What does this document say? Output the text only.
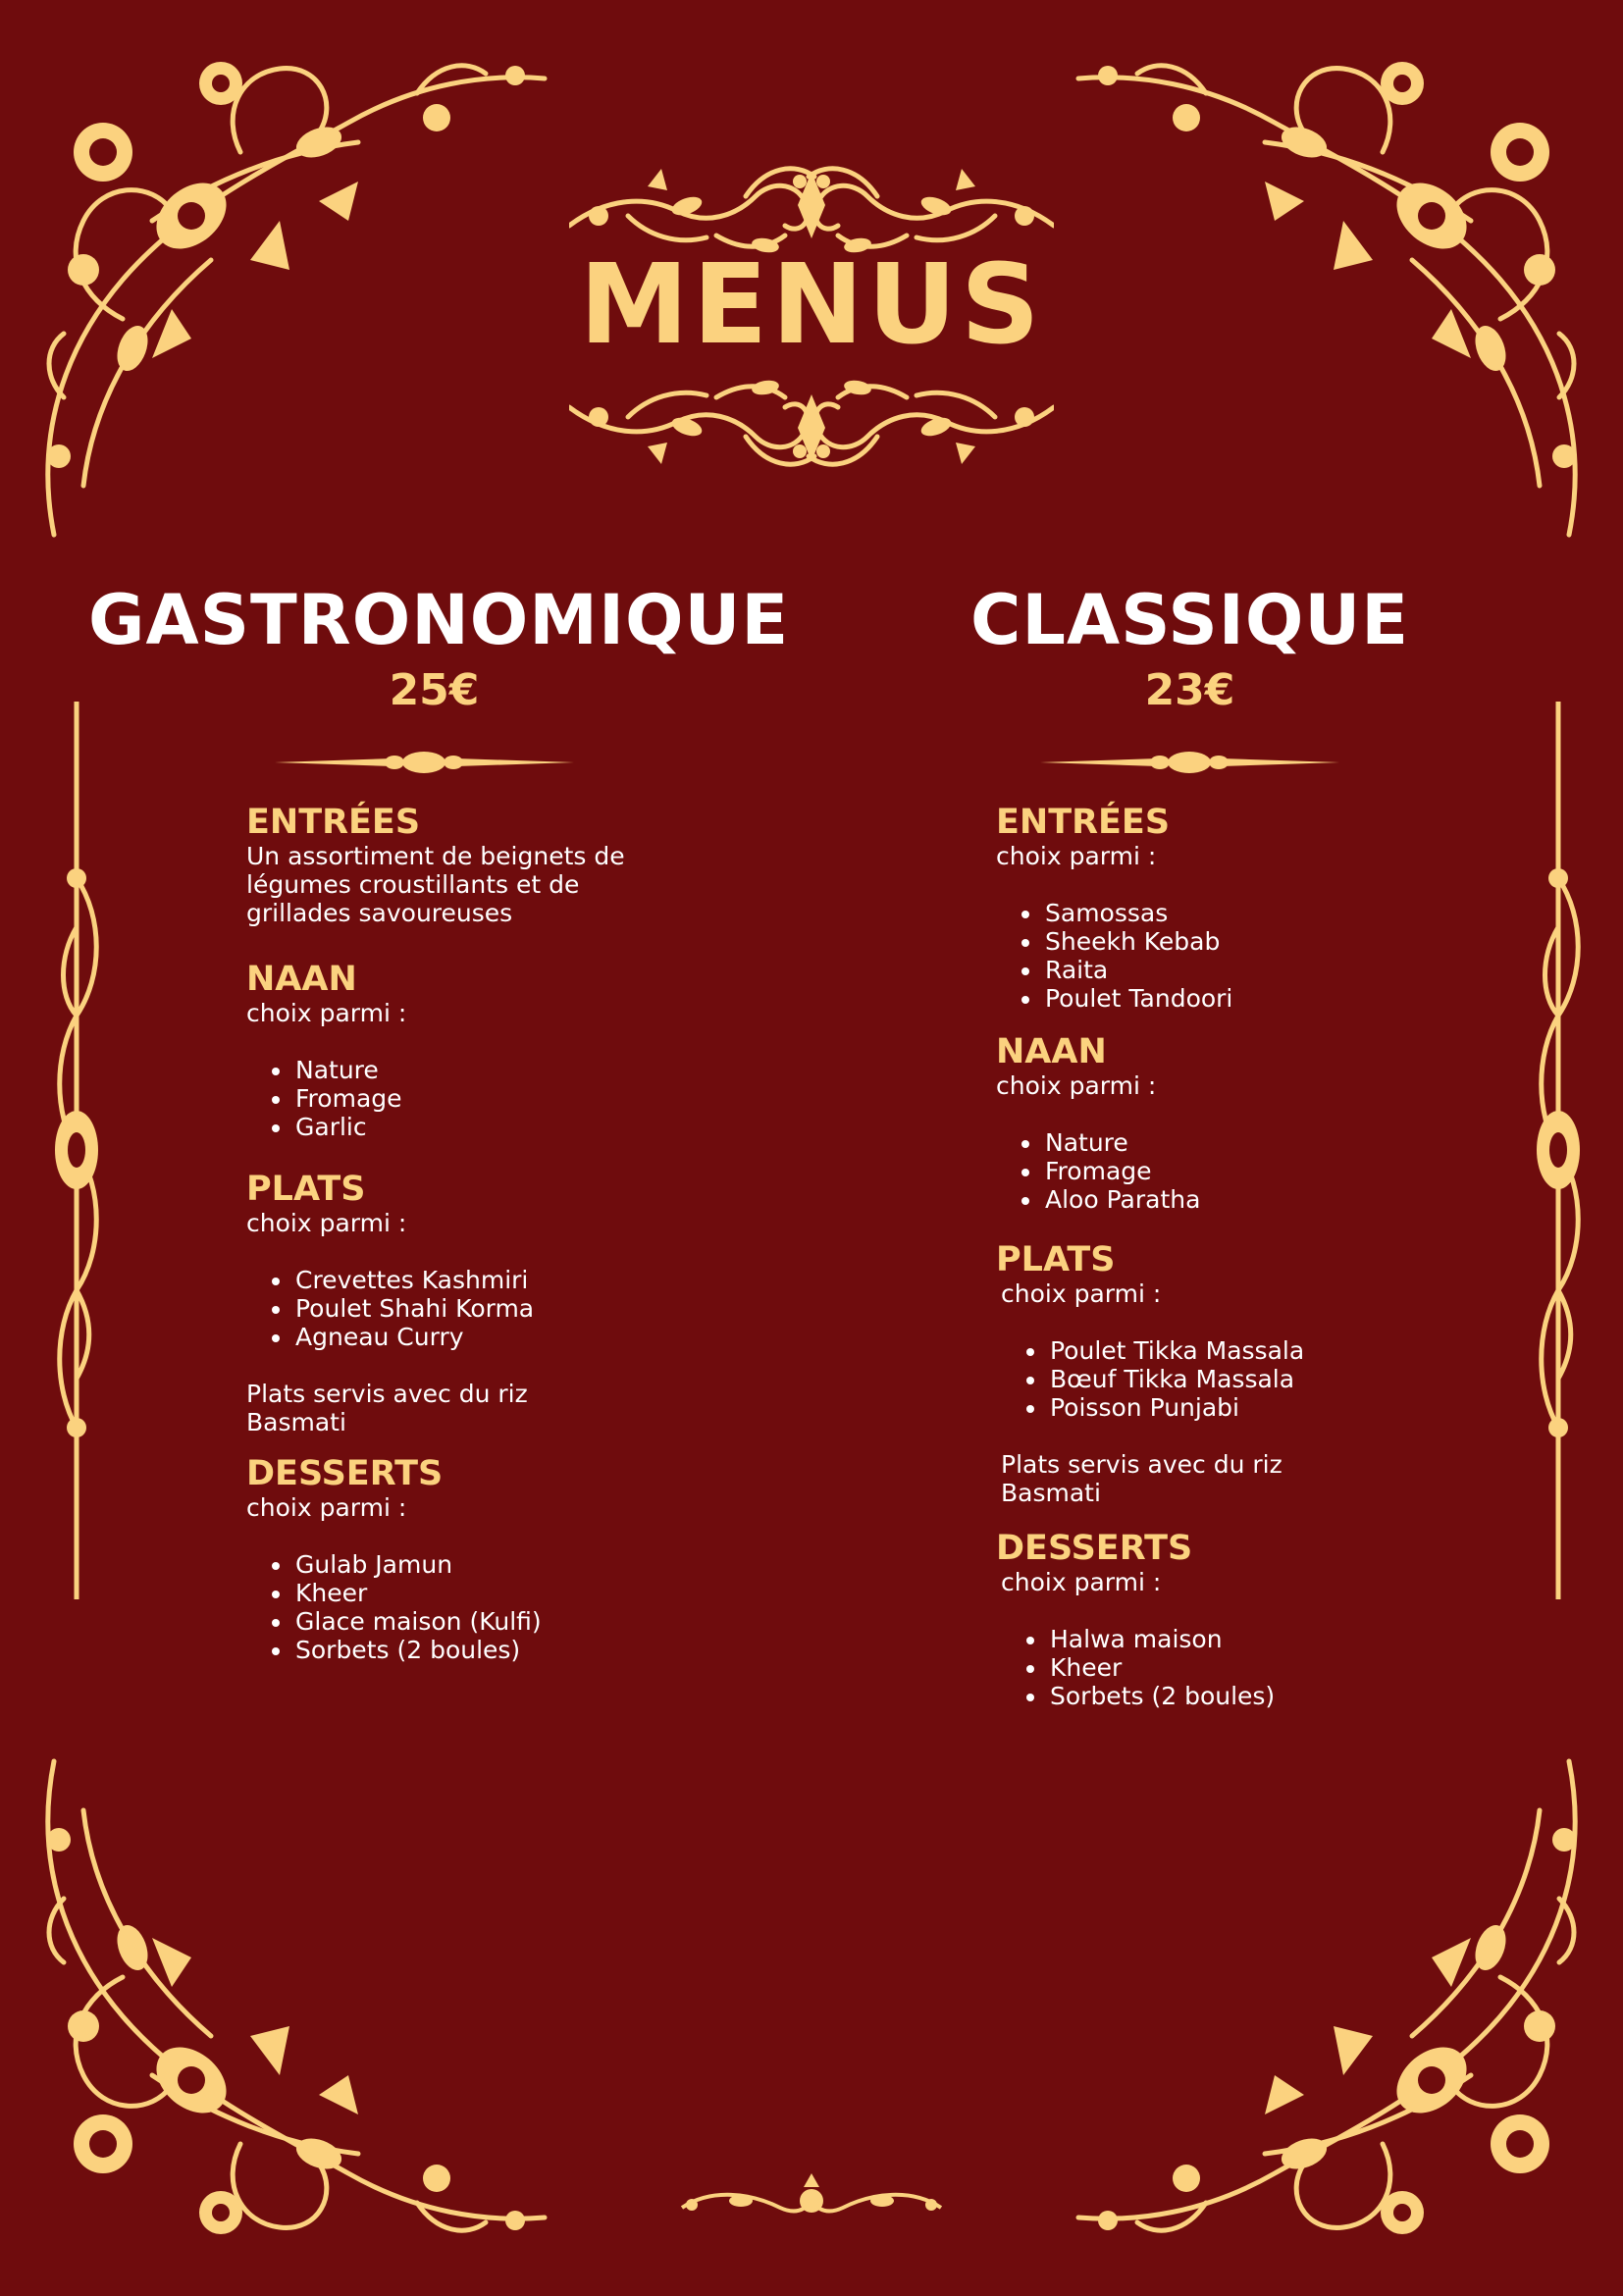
MENUS
GASTRONOMIQUE
25€

ENTRÉES

Un assortiment de beignets de légumes croustillants et de grillades savoureuses

NAAN

choix parmi :

• Nature
• Fromage
• Garlic

PLATS

choix parmi :

• Crevettes Kashmiri
• Poulet Shahi Korma
• Agneau Curry

Plats servis avec du riz Basmati

DESSERTS

choix parmi :

• Gulab Jamun
• Kheer
• Glace maison (Kulfi)
• Sorbets (2 boules)
CLASSIQUE
23€

ENTRÉES

choix parmi :

• Samossas
• Sheekh Kebab
• Raita
• Poulet Tandoori

NAAN

choix parmi :

• Nature
• Fromage
• Aloo Paratha

PLATS

choix parmi :

• Poulet Tikka Massala
• Bœuf Tikka Massala
• Poisson Punjabi

Plats servis avec du riz Basmati

DESSERTS

choix parmi :

• Halwa maison
• Kheer
• Sorbets (2 boules)
